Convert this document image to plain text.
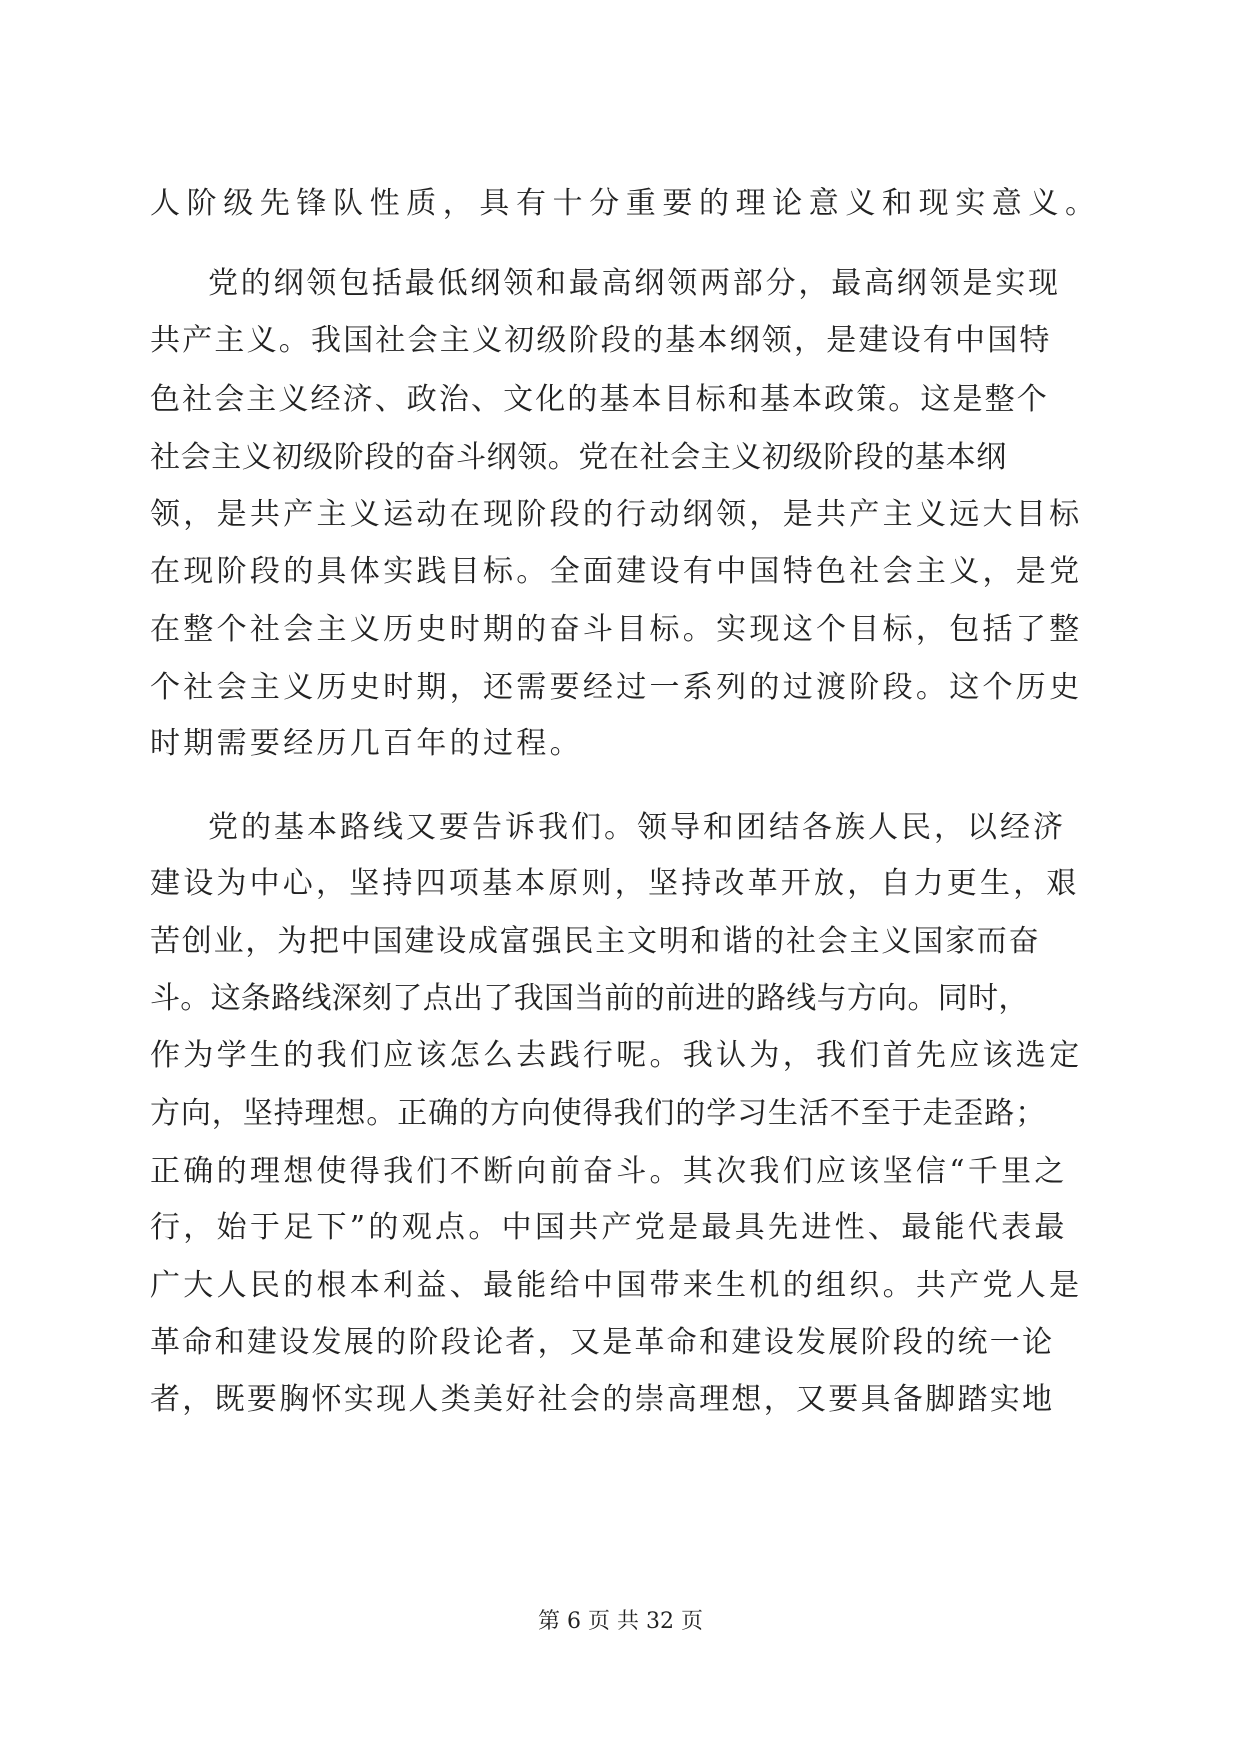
人阶级先锋队性质，具有十分重要的理论意义和现实意义。
党的纲领包括最低纲领和最高纲领两部分，最高纲领是实现
共产主义。我国社会主义初级阶段的基本纲领，是建设有中国特
色社会主义经济、政治、文化的基本目标和基本政策。这是整个
社会主义初级阶段的奋斗纲领。党在社会主义初级阶段的基本纲
领，是共产主义运动在现阶段的行动纲领，是共产主义远大目标
在现阶段的具体实践目标。全面建设有中国特色社会主义，是党
在整个社会主义历史时期的奋斗目标。实现这个目标，包括了整
个社会主义历史时期，还需要经过一系列的过渡阶段。这个历史
时期需要经历几百年的过程。
党的基本路线又要告诉我们。领导和团结各族人民，以经济
建设为中心，坚持四项基本原则，坚持改革开放，自力更生，艰
苦创业，为把中国建设成富强民主文明和谐的社会主义国家而奋
斗。这条路线深刻了点出了我国当前的前进的路线与方向。同时，
作为学生的我们应该怎么去践行呢。我认为，我们首先应该选定
方向，坚持理想。正确的方向使得我们的学习生活不至于走歪路；
正确的理想使得我们不断向前奋斗。其次我们应该坚信“千里之
行，始于足下”的观点。中国共产党是最具先进性、最能代表最
广大人民的根本利益、最能给中国带来生机的组织。共产党人是
革命和建设发展的阶段论者，又是革命和建设发展阶段的统一论
者，既要胸怀实现人类美好社会的崇高理想，又要具备脚踏实地
第 6 页 共 32 页
